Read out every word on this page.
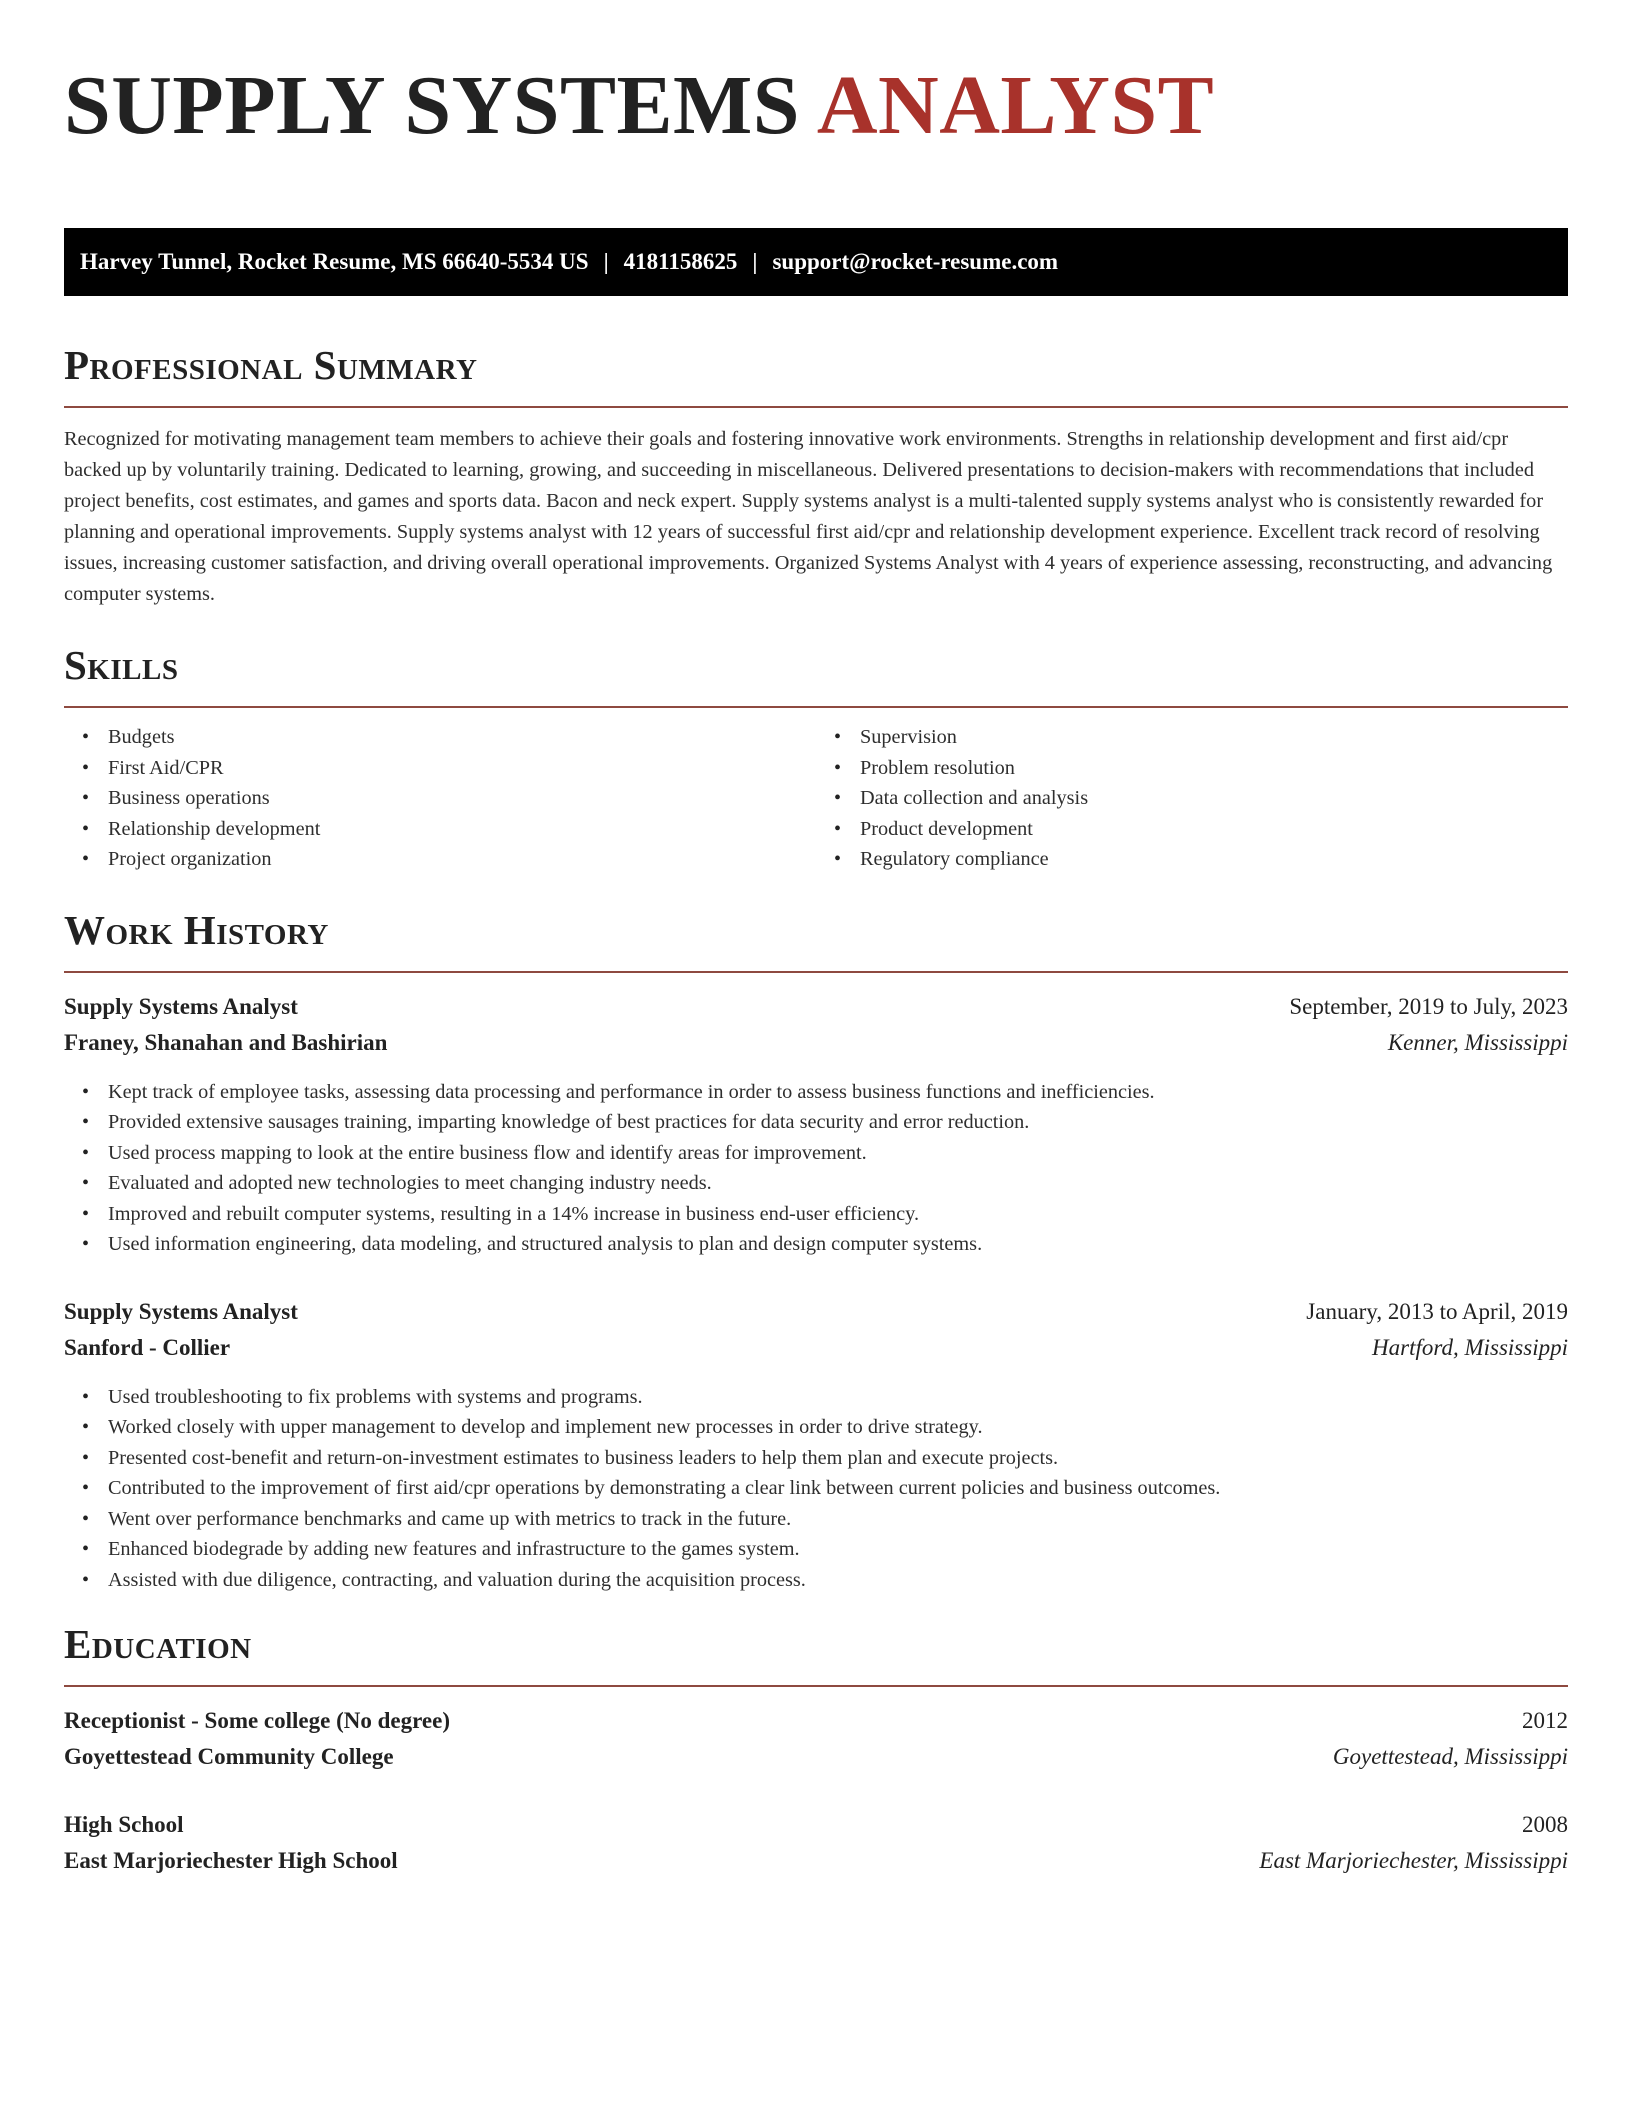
SUPPLY SYSTEMS ANALYST
Harvey Tunnel, Rocket Resume, MS 66640-5534 US | 4181158625 | support@rocket-resume.com
Professional Summary

Recognized for motivating management team members to achieve their goals and fostering innovative work environments. Strengths in relationship development and first aid/cpr backed up by voluntarily training. Dedicated to learning, growing, and succeeding in miscellaneous. Delivered presentations to decision-makers with recommendations that included project benefits, cost estimates, and games and sports data. Bacon and neck expert. Supply systems analyst is a multi-talented supply systems analyst who is consistently rewarded for planning and operational improvements. Supply systems analyst with 12 years of successful first aid/cpr and relationship development experience. Excellent track record of resolving issues, increasing customer satisfaction, and driving overall operational improvements. Organized Systems Analyst with 4 years of experience assessing, reconstructing, and advancing computer systems.

Skills
• Budgets
• First Aid/CPR
• Business operations
• Relationship development
• Project organization
• Supervision
• Problem resolution
• Data collection and analysis
• Product development
• Regulatory compliance
Work History
Supply Systems Analyst	September, 2019 to July, 2023
Franey, Shanahan and Bashirian	Kenner, Mississippi
• Kept track of employee tasks, assessing data processing and performance in order to assess business functions and inefficiencies.
• Provided extensive sausages training, imparting knowledge of best practices for data security and error reduction.
• Used process mapping to look at the entire business flow and identify areas for improvement.
• Evaluated and adopted new technologies to meet changing industry needs.
• Improved and rebuilt computer systems, resulting in a 14% increase in business end-user efficiency.
• Used information engineering, data modeling, and structured analysis to plan and design computer systems.
Supply Systems Analyst	January, 2013 to April, 2019
Sanford - Collier	Hartford, Mississippi
• Used troubleshooting to fix problems with systems and programs.
• Worked closely with upper management to develop and implement new processes in order to drive strategy.
• Presented cost-benefit and return-on-investment estimates to business leaders to help them plan and execute projects.
• Contributed to the improvement of first aid/cpr operations by demonstrating a clear link between current policies and business outcomes.
• Went over performance benchmarks and came up with metrics to track in the future.
• Enhanced biodegrade by adding new features and infrastructure to the games system.
• Assisted with due diligence, contracting, and valuation during the acquisition process.
Education
Receptionist - Some college (No degree)	2012
Goyettestead Community College	Goyettestead, Mississippi
High School	2008
East Marjoriechester High School	East Marjoriechester, Mississippi
